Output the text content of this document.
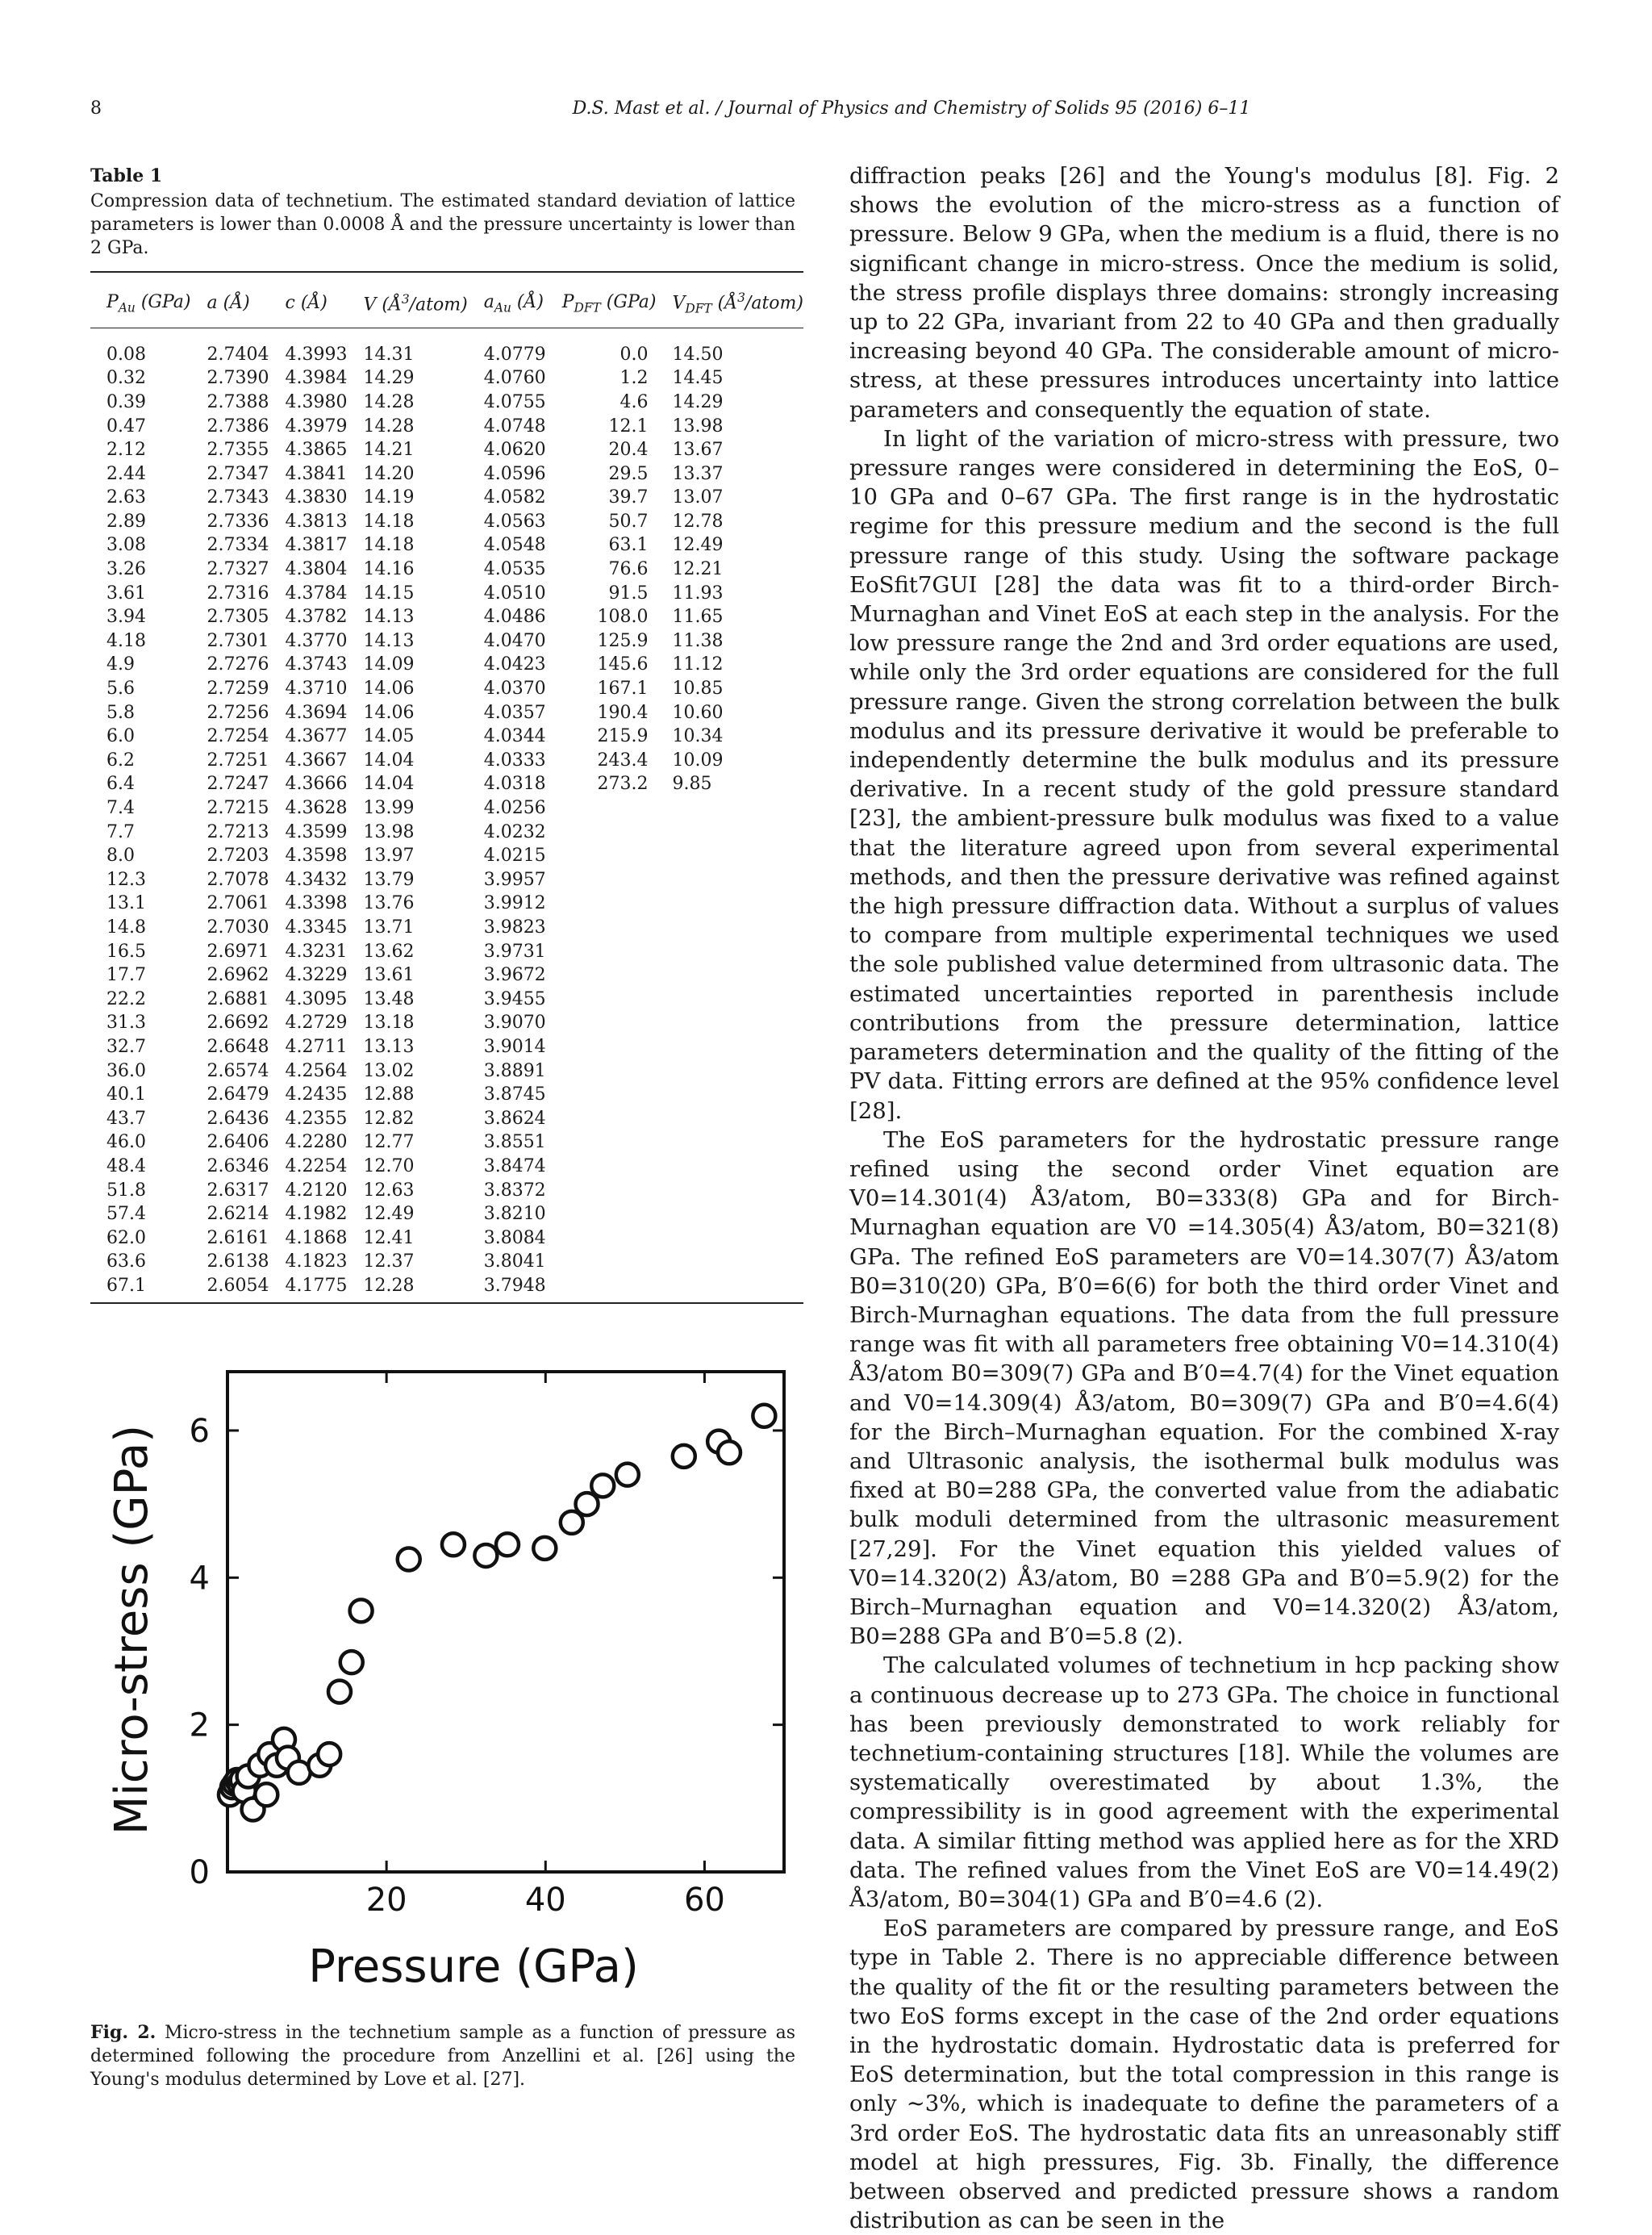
8	D.S. Mast et al. / Journal of Physics and Chemistry of Solids 95 (2016) 6–11

Table 1

Compression data of technetium. The estimated standard deviation of lattice parameters is lower than 0.0008 Å and the pressure uncertainty is lower than 2 GPa.

$P_{Au}$ (GPa)	a (Å)	c (Å)	V $(Å^3/atom)$	$a_{Au}$ (Å)	$P_{DFT}$ (GPa)	$V_{DFT}$ $(Å^3/atom)$
0.08	2.7404	4.3993	14.31	4.0779	0.0	14.50
0.32	2.7390	4.3984	14.29	4.0760	1.2	14.45
0.39	2.7388	4.3980	14.28	4.0755	4.6	14.29
0.47	2.7386	4.3979	14.28	4.0748	12.1	13.98
2.12	2.7355	4.3865	14.21	4.0620	20.4	13.67
2.44	2.7347	4.3841	14.20	4.0596	29.5	13.37
2.63	2.7343	4.3830	14.19	4.0582	39.7	13.07
2.89	2.7336	4.3813	14.18	4.0563	50.7	12.78
3.08	2.7334	4.3817	14.18	4.0548	63.1	12.49
3.26	2.7327	4.3804	14.16	4.0535	76.6	12.21
3.61	2.7316	4.3784	14.15	4.0510	91.5	11.93
3.94	2.7305	4.3782	14.13	4.0486	108.0	11.65
4.18	2.7301	4.3770	14.13	4.0470	125.9	11.38
4.9	2.7276	4.3743	14.09	4.0423	145.6	11.12
5.6	2.7259	4.3710	14.06	4.0370	167.1	10.85
5.8	2.7256	4.3694	14.06	4.0357	190.4	10.60
6.0	2.7254	4.3677	14.05	4.0344	215.9	10.34
6.2	2.7251	4.3667	14.04	4.0333	243.4	10.09
6.4	2.7247	4.3666	14.04	4.0318	273.2	9.85
7.4	2.7215	4.3628	13.99	4.0256		
7.7	2.7213	4.3599	13.98	4.0232		
8.0	2.7203	4.3598	13.97	4.0215		
12.3	2.7078	4.3432	13.79	3.9957		
13.1	2.7061	4.3398	13.76	3.9912		
14.8	2.7030	4.3345	13.71	3.9823		
16.5	2.6971	4.3231	13.62	3.9731		
17.7	2.6962	4.3229	13.61	3.9672		
22.2	2.6881	4.3095	13.48	3.9455		
31.3	2.6692	4.2729	13.18	3.9070		
32.7	2.6648	4.2711	13.13	3.9014		
36.0	2.6574	4.2564	13.02	3.8891		
40.1	2.6479	4.2435	12.88	3.8745		
43.7	2.6436	4.2355	12.82	3.8624		
46.0	2.6406	4.2280	12.77	3.8551		
48.4	2.6346	4.2254	12.70	3.8474		
51.8	2.6317	4.2120	12.63	3.8372		
57.4	2.6214	4.1982	12.49	3.8210		
62.0	2.6161	4.1868	12.41	3.8084		
63.6	2.6138	4.1823	12.37	3.8041		
67.1	2.6054	4.1775	12.28	3.7948		
20	40	60
0
2
4
6
Pressure (GPa)
Micro-stress (GPa)
Fig. 2. Micro-stress in the technetium sample as a function of pressure as determined following the procedure from Anzellini et al. [26] using the Young's modulus determined by Love et al. [27].

diffraction peaks [26] and the Young's modulus [8]. Fig. 2 shows the evolution of the micro-stress as a function of pressure. Below 9 GPa, when the medium is a fluid, there is no significant change in micro-stress. Once the medium is solid, the stress profile displays three domains: strongly increasing up to 22 GPa, invariant from 22 to 40 GPa and then gradually increasing beyond 40 GPa. The considerable amount of micro-stress, at these pressures introduces uncertainty into lattice parameters and consequently the equation of state.

In light of the variation of micro-stress with pressure, two pressure ranges were considered in determining the EoS, 0–10 GPa and 0–67 GPa. The first range is in the hydrostatic regime for this pressure medium and the second is the full pressure range of this study. Using the software package EoSfit7GUI [28] the data was fit to a third-order Birch-Murnaghan and Vinet EoS at each step in the analysis. For the low pressure range the 2nd and 3rd order equations are used, while only the 3rd order equations are considered for the full pressure range. Given the strong correlation between the bulk modulus and its pressure derivative it would be preferable to independently determine the bulk modulus and its pressure derivative. In a recent study of the gold pressure standard [23], the ambient-pressure bulk modulus was fixed to a value that the literature agreed upon from several experimental methods, and then the pressure derivative was refined against the high pressure diffraction data. Without a surplus of values to compare from multiple experimental techniques we used the sole published value determined from ultrasonic data. The estimated uncertainties reported in parenthesis include contributions from the pressure determination, lattice parameters determination and the quality of the fitting of the PV data. Fitting errors are defined at the 95% confidence level [28].

The EoS parameters for the hydrostatic pressure range refined using the second order Vinet equation are V0=14.301(4) Å3/atom, B0=333(8) GPa and for Birch-Murnaghan equation are V0 =14.305(4) Å3/atom, B0=321(8) GPa. The refined EoS parameters are V0=14.307(7) Å3/atom B0=310(20) GPa, B′0=6(6) for both the third order Vinet and Birch-Murnaghan equations. The data from the full pressure range was fit with all parameters free obtaining V0=14.310(4) Å3/atom B0=309(7) GPa and B′0=4.7(4) for the Vinet equation and V0=14.309(4) Å3/atom, B0=309(7) GPa and B′0=4.6(4) for the Birch–Murnaghan equation. For the combined X-ray and Ultrasonic analysis, the isothermal bulk modulus was fixed at B0=288 GPa, the converted value from the adiabatic bulk moduli determined from the ultrasonic measurement [27,29]. For the Vinet equation this yielded values of V0=14.320(2) Å3/atom, B0 =288 GPa and B′0=5.9(2) for the Birch–Murnaghan equation and V0=14.320(2) Å3/atom, B0=288 GPa and B′0=5.8 (2).

The calculated volumes of technetium in hcp packing show a continuous decrease up to 273 GPa. The choice in functional has been previously demonstrated to work reliably for technetium-containing structures [18]. While the volumes are systematically overestimated by about 1.3%, the compressibility is in good agreement with the experimental data. A similar fitting method was applied here as for the XRD data. The refined values from the Vinet EoS are V0=14.49(2) Å3/atom, B0=304(1) GPa and B′0=4.6 (2).

EoS parameters are compared by pressure range, and EoS type in Table 2. There is no appreciable difference between the quality of the fit or the resulting parameters between the two EoS forms except in the case of the 2nd order equations in the hydrostatic domain. Hydrostatic data is preferred for EoS determination, but the total compression in this range is only ∼3%, which is inadequate to define the parameters of a 3rd order EoS. The hydrostatic data fits an unreasonably stiff model at high pressures, Fig. 3b. Finally, the difference between observed and predicted pressure shows a random distribution as can be seen in the
